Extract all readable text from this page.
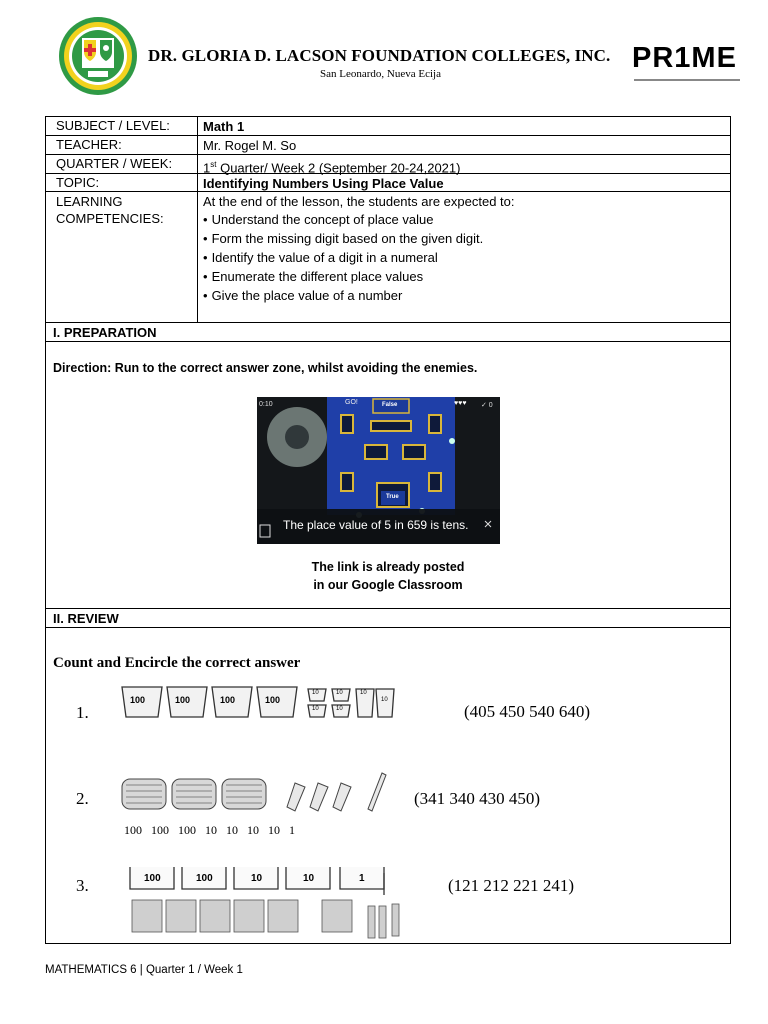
DR. GLORIA D. LACSON FOUNDATION COLLEGES, INC.
San Leonardo, Nueva Ecija	PR1ME
SUBJECT / LEVEL:	Math 1
TEACHER:	Mr. Rogel M. So
QUARTER / WEEK:	1st Quarter/ Week 2 (September 20-24,2021)
TOPIC:	Identifying Numbers Using Place Value
LEARNING
COMPETENCIES:
At the end of the lesson, the students are expected to:
• Understand the concept of place value
• Form the missing digit based on the given digit.
• Identify the value of a digit in a numeral
• Enumerate the different place values
• Give the place value of a number
I. PREPARATION
Direction: Run to the correct answer zone, whilst avoiding the enemies.
0:10	GO!	False
True
♥♥♥ ✓ 0
The place value of 5 in 659 is tens.
The link is already posted
in our Google Classroom
II. REVIEW
Count and Encircle the correct answer
1.
100	100	100	100
10	10
10	10
10
10
(405 450 540 640)
2.
100 100 100 10 10 10 10 1
(341 340 430 450)
3.	100	100	10	10	1	(121 212 221 241)
MATHEMATICS 6 | Quarter 1 / Week 1
